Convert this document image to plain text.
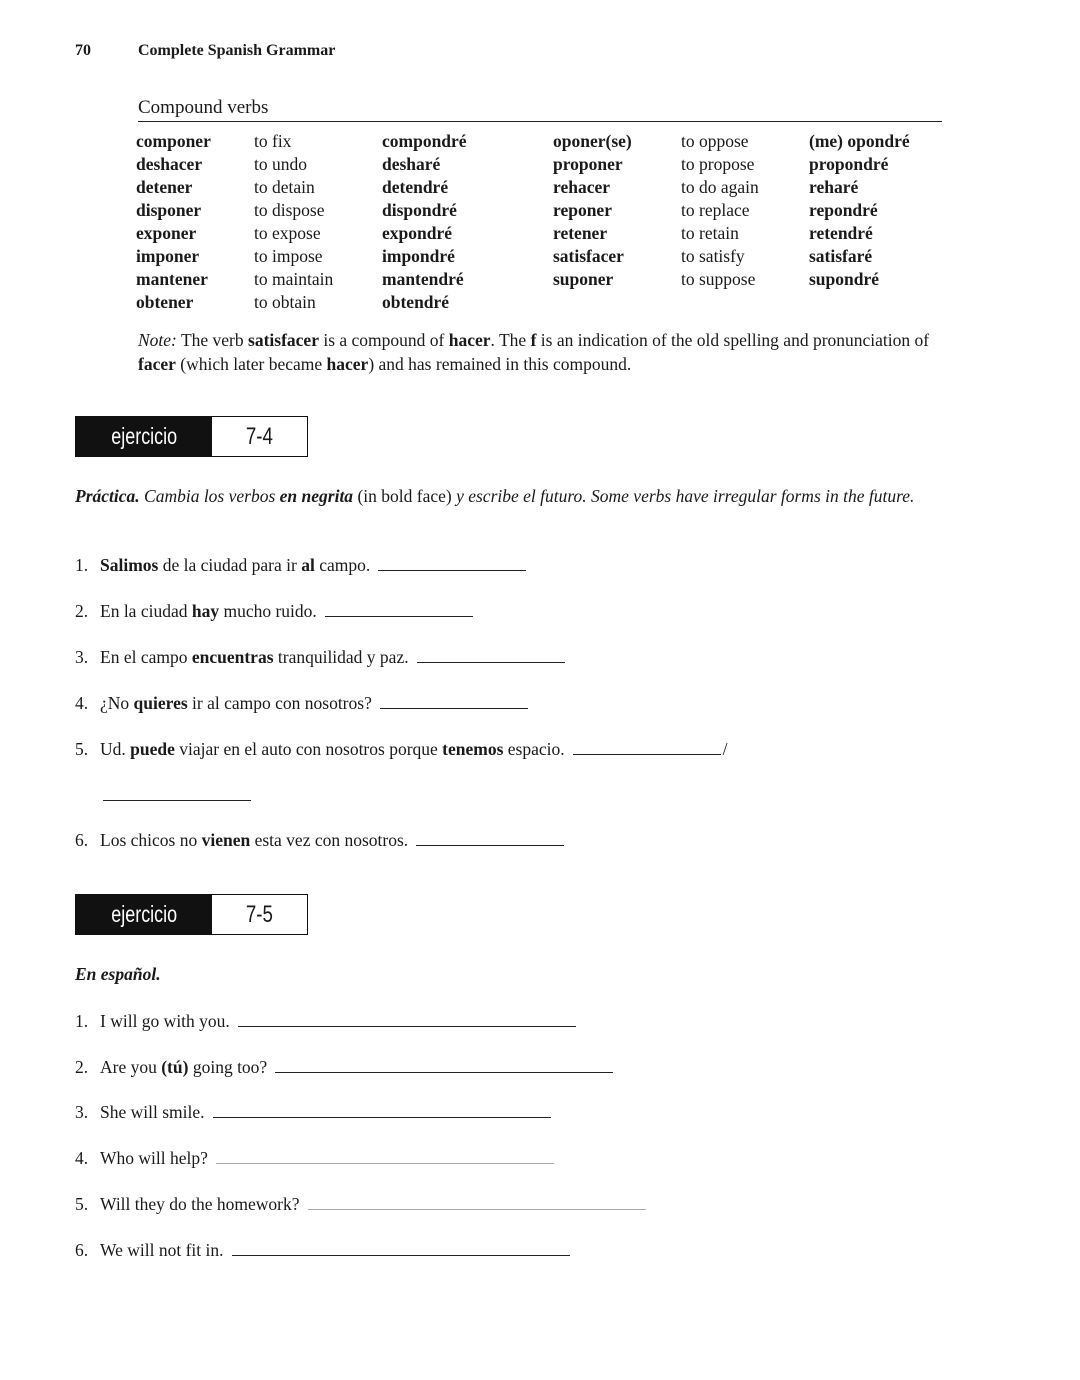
70	Complete Spanish Grammar
Compound verbs
componer	to fix	compondré	oponer(se)	to oppose	(me) opondré
deshacer	to undo	desharé	proponer	to propose	propondré
detener	to detain	detendré	rehacer	to do again	reharé
disponer	to dispose	dispondré	reponer	to replace	repondré
exponer	to expose	expondré	retener	to retain	retendré
imponer	to impose	impondré	satisfacer	to satisfy	satisfaré
mantener	to maintain	mantendré	suponer	to suppose	supondré
obtener	to obtain	obtendré			
Note: The verb satisfacer is a compound of hacer. The f is an indication of the old spelling and pronunciation of facer (which later became hacer) and has remained in this compound.
ejercicio	7-4
Práctica. Cambia los verbos en negrita (in bold face) y escribe el futuro. Some verbs have irregular forms in the future.
1. Salimos de la ciudad para ir al campo.
2. En la ciudad hay mucho ruido.
3. En el campo encuentras tranquilidad y paz.
4. ¿No quieres ir al campo con nosotros?
5. Ud. puede viajar en el auto con nosotros porque tenemos espacio.	/
6. Los chicos no vienen esta vez con nosotros.
ejercicio	7-5
En español.
1. I will go with you.
2. Are you (tú) going too?
3. She will smile.
4. Who will help?
5. Will they do the homework?
6. We will not fit in.
